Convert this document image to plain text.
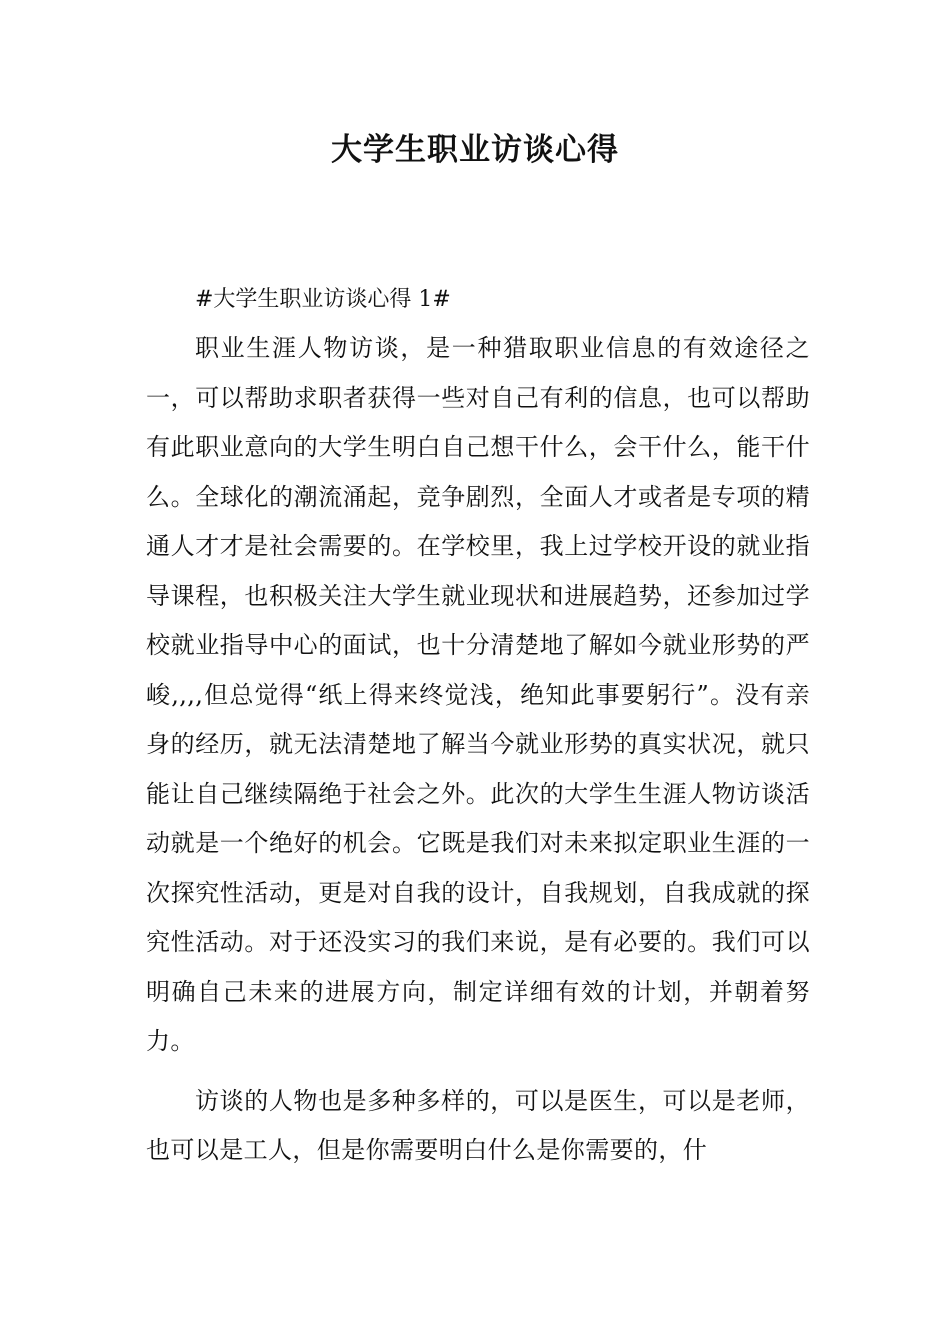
大学生职业访谈心得
#大学生职业访谈心得 1#

职业生涯人物访谈，是一种猎取职业信息的有效途径之一，可以帮助求职者获得一些对自己有利的信息，也可以帮助有此职业意向的大学生明白自己想干什么，会干什么，能干什么。全球化的潮流涌起，竞争剧烈，全面人才或者是专项的精通人才才是社会需要的。在学校里，我上过学校开设的就业指导课程，也积极关注大学生就业现状和进展趋势，还参加过学校就业指导中心的面试，也十分清楚地了解如今就业形势的严峻,,,,但总觉得“纸上得来终觉浅，绝知此事要躬行”。没有亲身的经历，就无法清楚地了解当今就业形势的真实状况，就只能让自己继续隔绝于社会之外。此次的大学生生涯人物访谈活动就是一个绝好的机会。它既是我们对未来拟定职业生涯的一次探究性活动，更是对自我的设计，自我规划，自我成就的探究性活动。对于还没实习的我们来说，是有必要的。我们可以明确自己未来的进展方向，制定详细有效的计划，并朝着努力。

访谈的人物也是多种多样的，可以是医生，可以是老师，也可以是工人，但是你需要明白什么是你需要的，什
